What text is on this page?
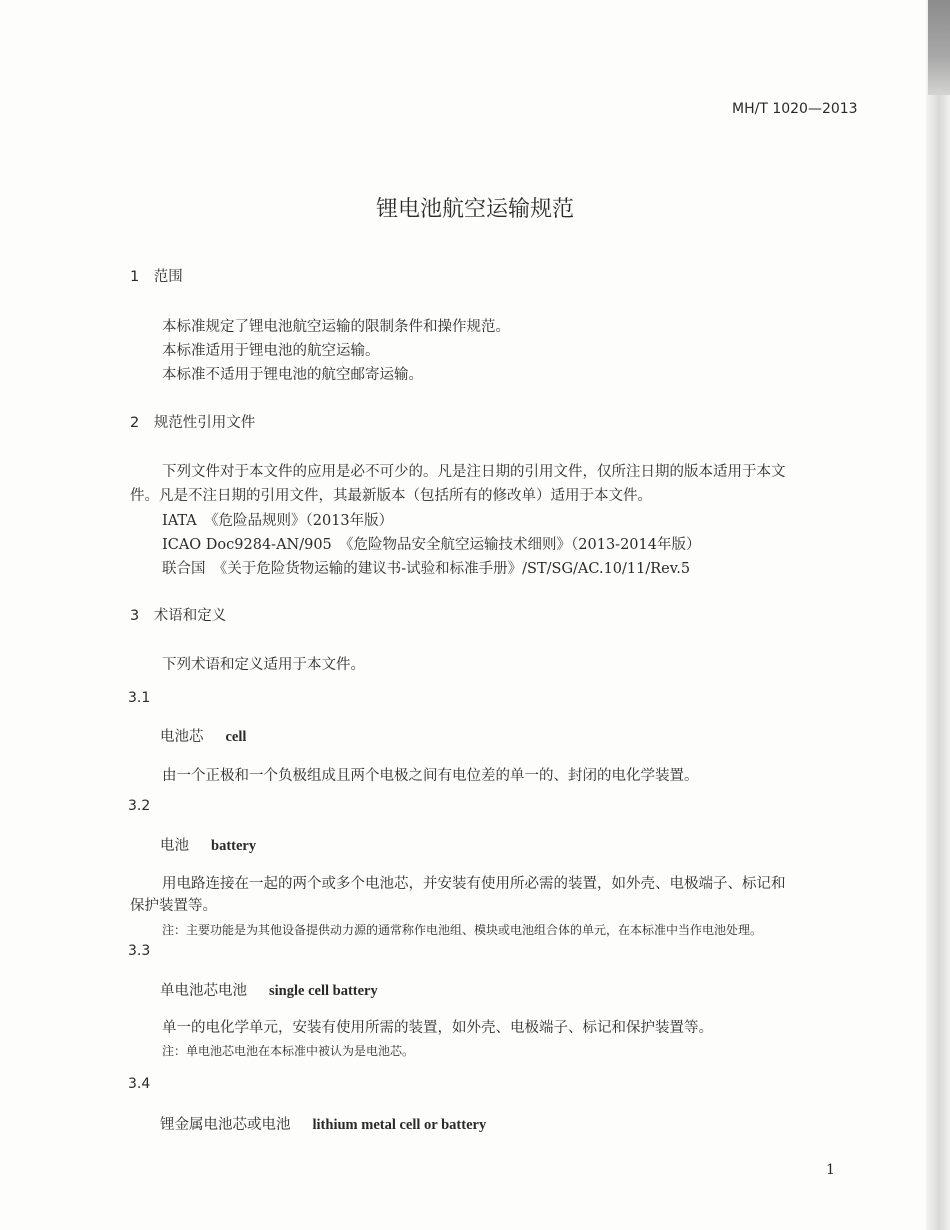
MH/T 1020—2013
锂电池航空运输规范
1　范围
本标准规定了锂电池航空运输的限制条件和操作规范。
本标准适用于锂电池的航空运输。
本标准不适用于锂电池的航空邮寄运输。
2　规范性引用文件
下列文件对于本文件的应用是必不可少的。凡是注日期的引用文件，仅所注日期的版本适用于本文
件。凡是不注日期的引用文件，其最新版本（包括所有的修改单）适用于本文件。
IATA　《危险品规则》（2013年版）
ICAO Doc9284-AN/905　《危险物品安全航空运输技术细则》（2013-2014年版）
联合国　《关于危险货物运输的建议书-试验和标准手册》/ST/SG/AC.10/11/Rev.5
3　术语和定义
下列术语和定义适用于本文件。
3.1
电池芯 cell
由一个正极和一个负极组成且两个电极之间有电位差的单一的、封闭的电化学装置。
3.2
电池 battery
用电路连接在一起的两个或多个电池芯，并安装有使用所必需的装置，如外壳、电极端子、标记和
保护装置等。
注：主要功能是为其他设备提供动力源的通常称作电池组、模块或电池组合体的单元，在本标准中当作电池处理。
3.3
单电池芯电池 single cell battery
单一的电化学单元，安装有使用所需的装置，如外壳、电极端子、标记和保护装置等。
注：单电池芯电池在本标准中被认为是电池芯。
3.4
锂金属电池芯或电池 lithium metal cell or battery
1
